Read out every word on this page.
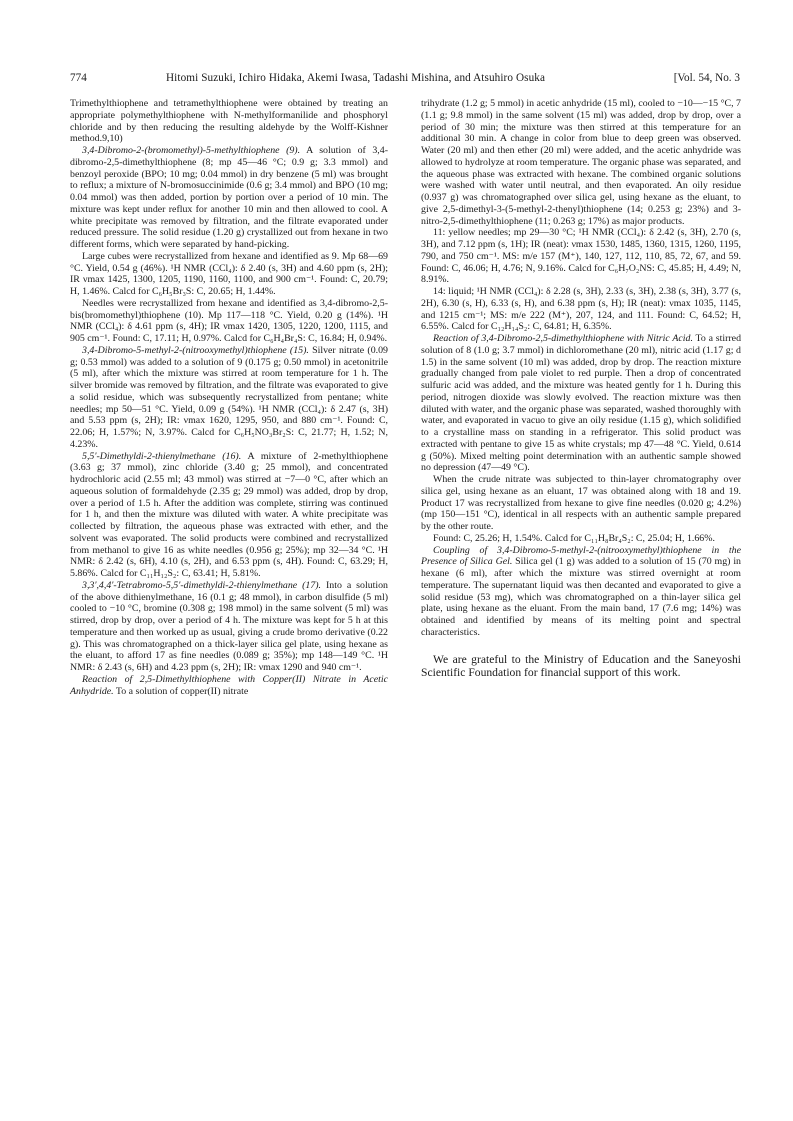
774	Hitomi Suzuki, Ichiro Hidaka, Akemi Iwasa, Tadashi Mishina, and Atsuhiro Osuka	[Vol. 54, No. 3

Trimethylthiophene and tetramethylthiophene were obtained by treating an appropriate polymethylthiophene with N-methylformanilide and phosphoryl chloride and by then reducing the resulting aldehyde by the Wolff-Kishner method.9,10)

3,4-Dibromo-2-(bromomethyl)-5-methylthiophene (9). A solution of 3,4-dibromo-2,5-dimethylthiophene (8; mp 45—46 °C; 0.9 g; 3.3 mmol) and benzoyl peroxide (BPO; 10 mg; 0.04 mmol) in dry benzene (5 ml) was brought to reflux; a mixture of N-bromosuccinimide (0.6 g; 3.4 mmol) and BPO (10 mg; 0.04 mmol) was then added, portion by portion over a period of 10 min. The mixture was kept under reflux for another 10 min and then allowed to cool. A white precipitate was removed by filtration, and the filtrate evaporated under reduced pressure. The solid residue (1.20 g) crystallized out from hexane in two different forms, which were separated by hand-picking.

Large cubes were recrystallized from hexane and identified as 9. Mp 68—69 °C. Yield, 0.54 g (46%). ¹H NMR (CCl₄): δ 2.40 (s, 3H) and 4.60 ppm (s, 2H); IR νmax 1425, 1300, 1205, 1190, 1160, 1100, and 900 cm⁻¹. Found: C, 20.79; H, 1.46%. Calcd for C₆H₅Br₃S: C, 20.65; H, 1.44%.

Needles were recrystallized from hexane and identified as 3,4-dibromo-2,5-bis(bromomethyl)thiophene (10). Mp 117—118 °C. Yield, 0.20 g (14%). ¹H NMR (CCl₄): δ 4.61 ppm (s, 4H); IR νmax 1420, 1305, 1220, 1200, 1115, and 905 cm⁻¹. Found: C, 17.11; H, 0.97%. Calcd for C₆H₄Br₄S: C, 16.84; H, 0.94%.

3,4-Dibromo-5-methyl-2-(nitrooxymethyl)thiophene (15). Silver nitrate (0.09 g; 0.53 mmol) was added to a solution of 9 (0.175 g; 0.50 mmol) in acetonitrile (5 ml), after which the mixture was stirred at room temperature for 1 h. The silver bromide was removed by filtration, and the filtrate was evaporated to give a solid residue, which was subsequently recrystallized from pentane; white needles; mp 50—51 °C. Yield, 0.09 g (54%). ¹H NMR (CCl₄): δ 2.47 (s, 3H) and 5.53 ppm (s, 2H); IR: νmax 1620, 1295, 950, and 880 cm⁻¹. Found: C, 22.06; H, 1.57%; N, 3.97%. Calcd for C₆H₅NO₃Br₂S: C, 21.77; H, 1.52; N, 4.23%.

5,5'-Dimethyldi-2-thienylmethane (16). A mixture of 2-methylthiophene (3.63 g; 37 mmol), zinc chloride (3.40 g; 25 mmol), and concentrated hydrochloric acid (2.55 ml; 43 mmol) was stirred at −7—0 °C, after which an aqueous solution of formaldehyde (2.35 g; 29 mmol) was added, drop by drop, over a period of 1.5 h. After the addition was complete, stirring was continued for 1 h, and then the mixture was diluted with water. A white precipitate was collected by filtration, the aqueous phase was extracted with ether, and the solvent was evaporated. The solid products were combined and recrystallized from methanol to give 16 as white needles (0.956 g; 25%); mp 32—34 °C. ¹H NMR: δ 2.42 (s, 6H), 4.10 (s, 2H), and 6.53 ppm (s, 4H). Found: C, 63.29; H, 5.86%. Calcd for C₁₁H₁₂S₂: C, 63.41; H, 5.81%.

3,3',4,4'-Tetrabromo-5,5'-dimethyldi-2-thienylmethane (17). Into a solution of the above dithienylmethane, 16 (0.1 g; 48 mmol), in carbon disulfide (5 ml) cooled to −10 °C, bromine (0.308 g; 198 mmol) in the same solvent (5 ml) was stirred, drop by drop, over a period of 4 h. The mixture was kept for 5 h at this temperature and then worked up as usual, giving a crude bromo derivative (0.22 g). This was chromatographed on a thick-layer silica gel plate, using hexane as the eluant, to afford 17 as fine needles (0.089 g; 35%); mp 148—149 °C. ¹H NMR: δ 2.43 (s, 6H) and 4.23 ppm (s, 2H); IR: νmax 1290 and 940 cm⁻¹.

Reaction of 2,5-Dimethylthiophene with Copper(II) Nitrate in Acetic Anhydride. To a solution of copper(II) nitrate

trihydrate (1.2 g; 5 mmol) in acetic anhydride (15 ml), cooled to −10—−15 °C, 7 (1.1 g; 9.8 mmol) in the same solvent (15 ml) was added, drop by drop, over a period of 30 min; the mixture was then stirred at this temperature for an additional 30 min. A change in color from blue to deep green was observed. Water (20 ml) and then ether (20 ml) were added, and the acetic anhydride was allowed to hydrolyze at room temperature. The organic phase was separated, and the aqueous phase was extracted with hexane. The combined organic solutions were washed with water until neutral, and then evaporated. An oily residue (0.937 g) was chromatographed over silica gel, using hexane as the eluant, to give 2,5-dimethyl-3-(5-methyl-2-thenyl)thiophene (14; 0.253 g; 23%) and 3-nitro-2,5-dimethylthiophene (11; 0.263 g; 17%) as major products.

11: yellow needles; mp 29—30 °C; ¹H NMR (CCl₄): δ 2.42 (s, 3H), 2.70 (s, 3H), and 7.12 ppm (s, 1H); IR (neat): νmax 1530, 1485, 1360, 1315, 1260, 1195, 790, and 750 cm⁻¹. MS: m/e 157 (M⁺), 140, 127, 112, 110, 85, 72, 67, and 59. Found: C, 46.06; H, 4.76; N, 9.16%. Calcd for C₆H₇O₂NS: C, 45.85; H, 4.49; N, 8.91%.

14: liquid; ¹H NMR (CCl₄): δ 2.28 (s, 3H), 2.33 (s, 3H), 2.38 (s, 3H), 3.77 (s, 2H), 6.30 (s, H), 6.33 (s, H), and 6.38 ppm (s, H); IR (neat): νmax 1035, 1145, and 1215 cm⁻¹; MS: m/e 222 (M⁺), 207, 124, and 111. Found: C, 64.52; H, 6.55%. Calcd for C₁₂H₁₄S₂: C, 64.81; H, 6.35%.

Reaction of 3,4-Dibromo-2,5-dimethylthiophene with Nitric Acid. To a stirred solution of 8 (1.0 g; 3.7 mmol) in dichloromethane (20 ml), nitric acid (1.17 g; d 1.5) in the same solvent (10 ml) was added, drop by drop. The reaction mixture gradually changed from pale violet to red purple. Then a drop of concentrated sulfuric acid was added, and the mixture was heated gently for 1 h. During this period, nitrogen dioxide was slowly evolved. The reaction mixture was then diluted with water, and the organic phase was separated, washed thoroughly with water, and evaporated in vacuo to give an oily residue (1.15 g), which solidified to a crystalline mass on standing in a refrigerator. This solid product was extracted with pentane to give 15 as white crystals; mp 47—48 °C. Yield, 0.614 g (50%). Mixed melting point determination with an authentic sample showed no depression (47—49 °C).

When the crude nitrate was subjected to thin-layer chromatography over silica gel, using hexane as an eluant, 17 was obtained along with 18 and 19. Product 17 was recrystallized from hexane to give fine needles (0.020 g; 4.2%) (mp 150—151 °C), identical in all respects with an authentic sample prepared by the other route.

Found: C, 25.26; H, 1.54%. Calcd for C₁₁H₈Br₄S₂: C, 25.04; H, 1.66%.

Coupling of 3,4-Dibromo-5-methyl-2-(nitrooxymethyl)thiophene in the Presence of Silica Gel. Silica gel (1 g) was added to a solution of 15 (70 mg) in hexane (6 ml), after which the mixture was stirred overnight at room temperature. The supernatant liquid was then decanted and evaporated to give a solid residue (53 mg), which was chromatographed on a thin-layer silica gel plate, using hexane as the eluant. From the main band, 17 (7.6 mg; 14%) was obtained and identified by means of its melting point and spectral characteristics.

We are grateful to the Ministry of Education and the Saneyoshi Scientific Foundation for financial support of this work.
